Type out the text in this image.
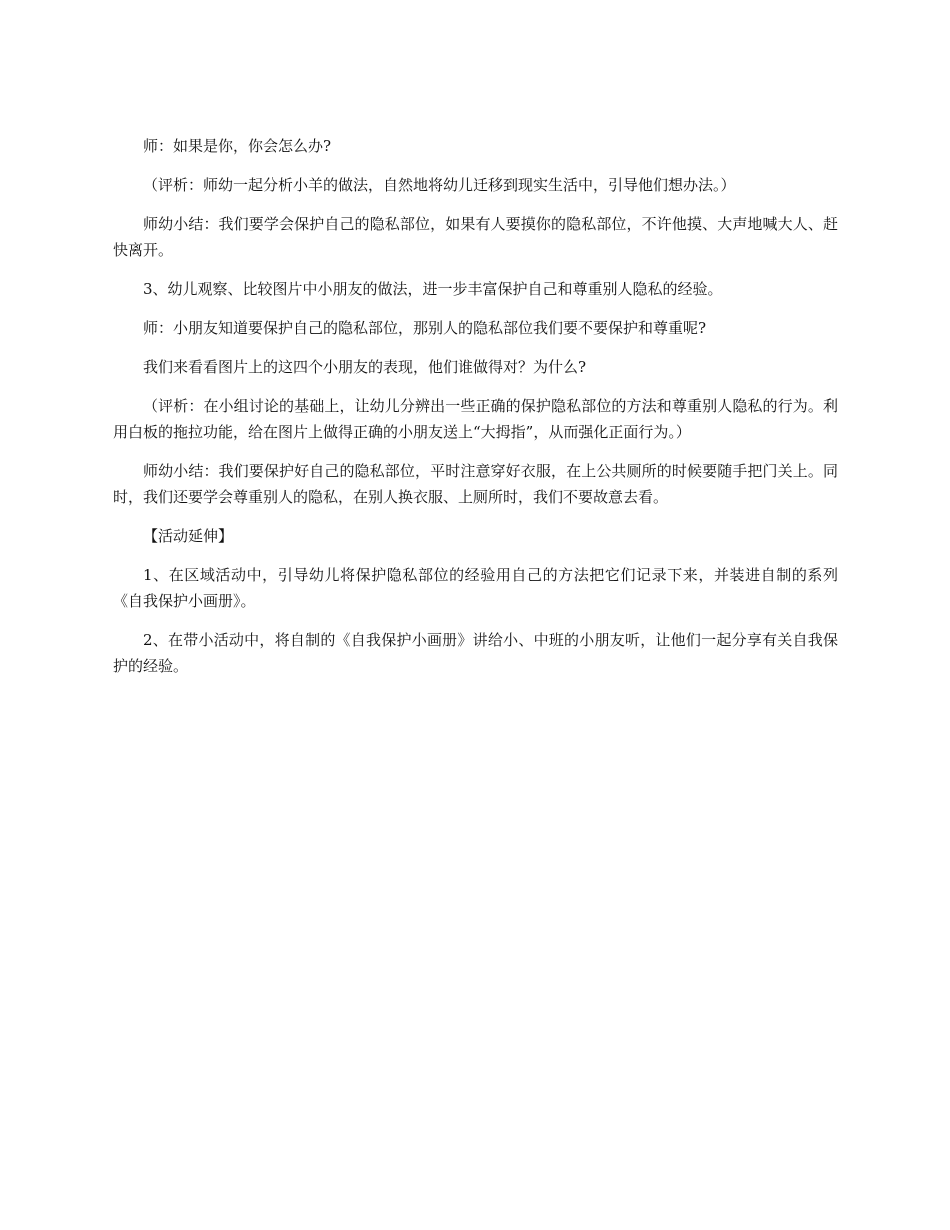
师：如果是你，你会怎么办?

（评析：师幼一起分析小羊的做法，自然地将幼儿迁移到现实生活中，引导他们想办法。）

师幼小结：我们要学会保护自己的隐私部位，如果有人要摸你的隐私部位，不许他摸、大声地喊大人、赶快离开。

3、幼儿观察、比较图片中小朋友的做法，进一步丰富保护自己和尊重别人隐私的经验。

师：小朋友知道要保护自己的隐私部位，那别人的隐私部位我们要不要保护和尊重呢?

我们来看看图片上的这四个小朋友的表现，他们谁做得对？为什么?

（评析：在小组讨论的基础上，让幼儿分辨出一些正确的保护隐私部位的方法和尊重别人隐私的行为。利用白板的拖拉功能，给在图片上做得正确的小朋友送上“大拇指”，从而强化正面行为。）

师幼小结：我们要保护好自己的隐私部位，平时注意穿好衣服，在上公共厕所的时候要随手把门关上。同时，我们还要学会尊重别人的隐私，在别人换衣服、上厕所时，我们不要故意去看。

【活动延伸】

1、在区域活动中，引导幼儿将保护隐私部位的经验用自己的方法把它们记录下来，并装进自制的系列《自我保护小画册》。

2、在带小活动中，将自制的《自我保护小画册》讲给小、中班的小朋友听，让他们一起分享有关自我保护的经验。
